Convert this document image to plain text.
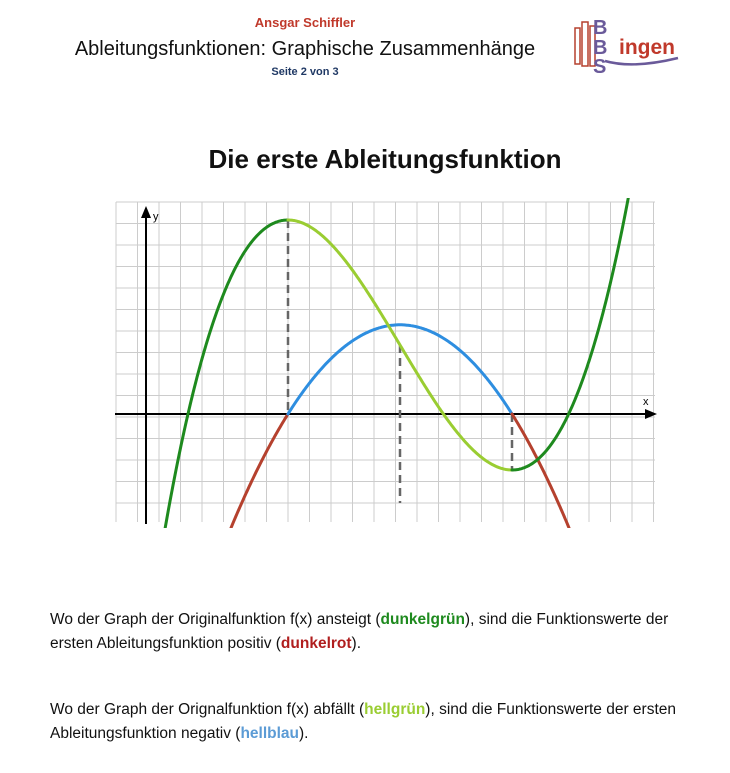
Ansgar Schiffler
Ableitungsfunktionen: Graphische Zusammenhänge
Seite 2 von 3
B
B
S
ingen
Die erste Ableitungsfunktion
x
y

Wo der Graph der Originalfunktion f(x) ansteigt (dunkelgrün), sind die Funktionswerte der ersten Ableitungsfunktion positiv (dunkelrot).

Wo der Graph der Orignalfunktion f(x) abfällt (hellgrün), sind die Funktionswerte der ersten Ableitungsfunktion negativ (hellblau).
